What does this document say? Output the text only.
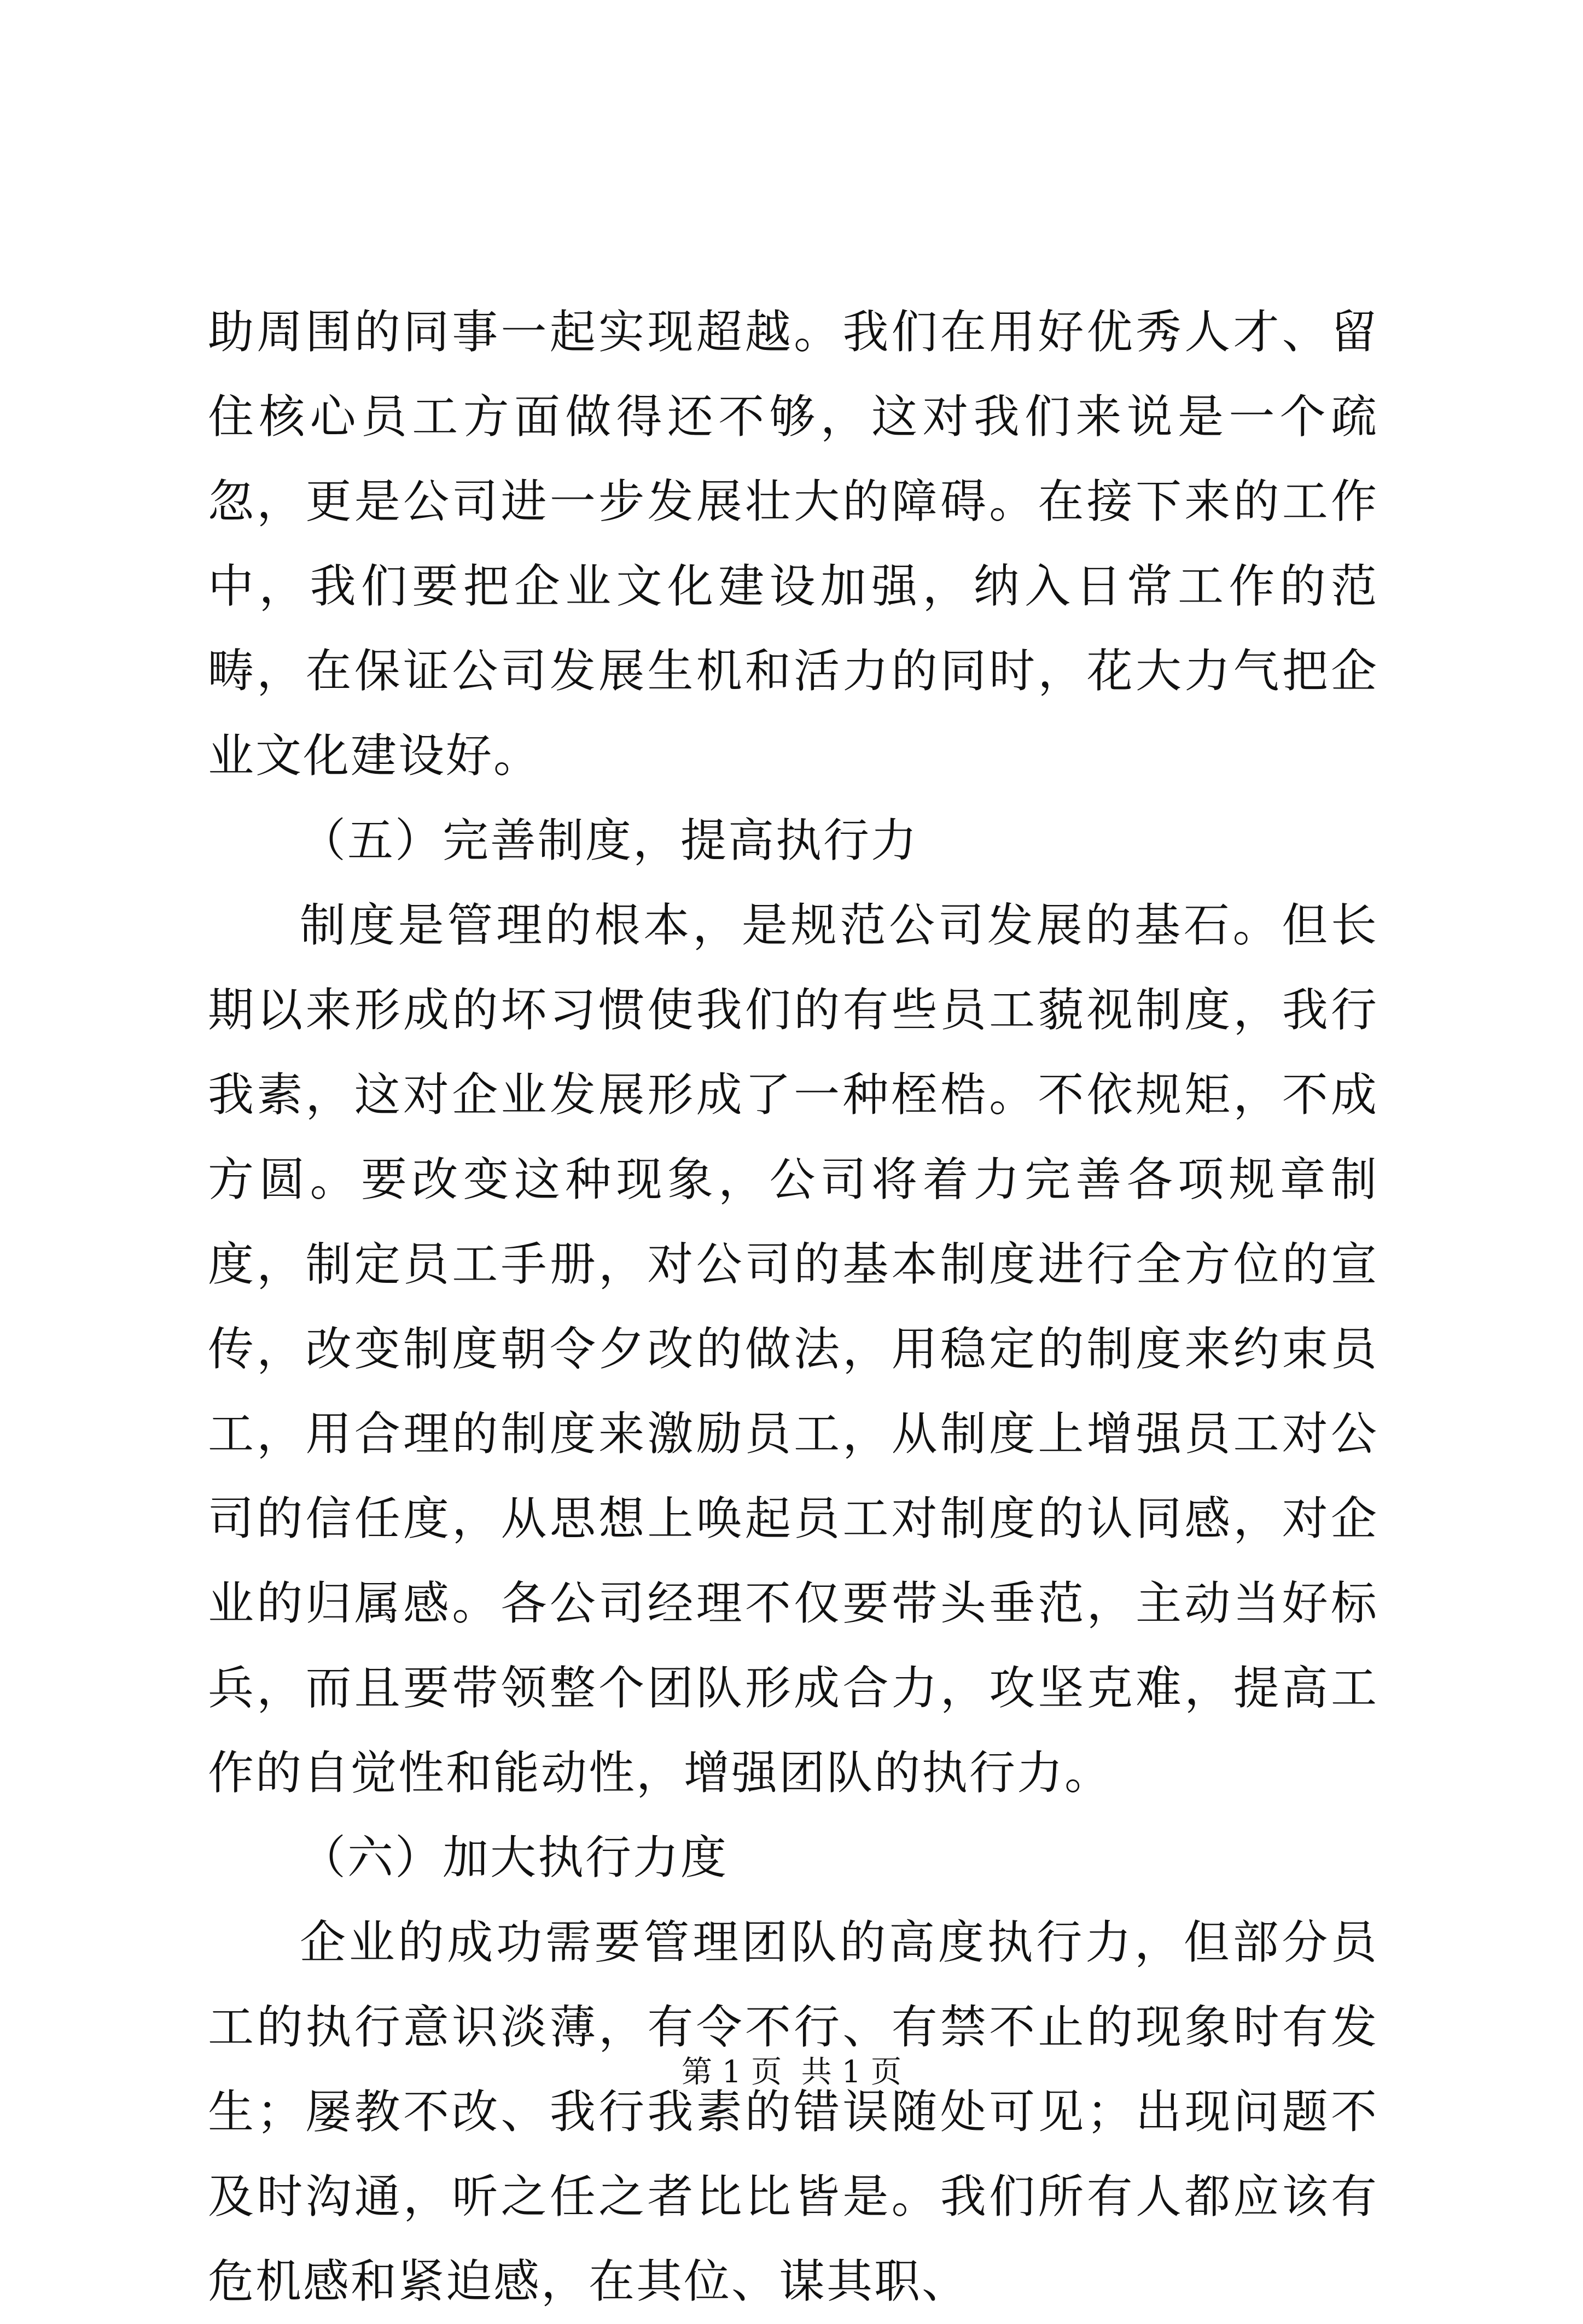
助周围的同事一起实现超越。我们在用好优秀人才、留住核心员工方面做得还不够，这对我们来说是一个疏忽，更是公司进一步发展壮大的障碍。在接下来的工作中，我们要把企业文化建设加强，纳入日常工作的范畴，在保证公司发展生机和活力的同时，花大力气把企业文化建设好。

（五）完善制度，提高执行力

制度是管理的根本，是规范公司发展的基石。但长期以来形成的坏习惯使我们的有些员工藐视制度，我行我素，这对企业发展形成了一种桎梏。不依规矩，不成方圆。要改变这种现象，公司将着力完善各项规章制度，制定员工手册，对公司的基本制度进行全方位的宣传，改变制度朝令夕改的做法，用稳定的制度来约束员工，用合理的制度来激励员工，从制度上增强员工对公司的信任度，从思想上唤起员工对制度的认同感，对企业的归属感。各公司经理不仅要带头垂范，主动当好标兵，而且要带领整个团队形成合力，攻坚克难，提高工作的自觉性和能动性，增强团队的执行力。

（六）加大执行力度

企业的成功需要管理团队的高度执行力，但部分员工的执行意识淡薄，有令不行、有禁不止的现象时有发生；屡教不改、我行我素的错误随处可见；出现问题不及时沟通，听之任之者比比皆是。我们所有人都应该有危机感和紧迫感，在其位、谋其职、

第 1 页  共 1 页
